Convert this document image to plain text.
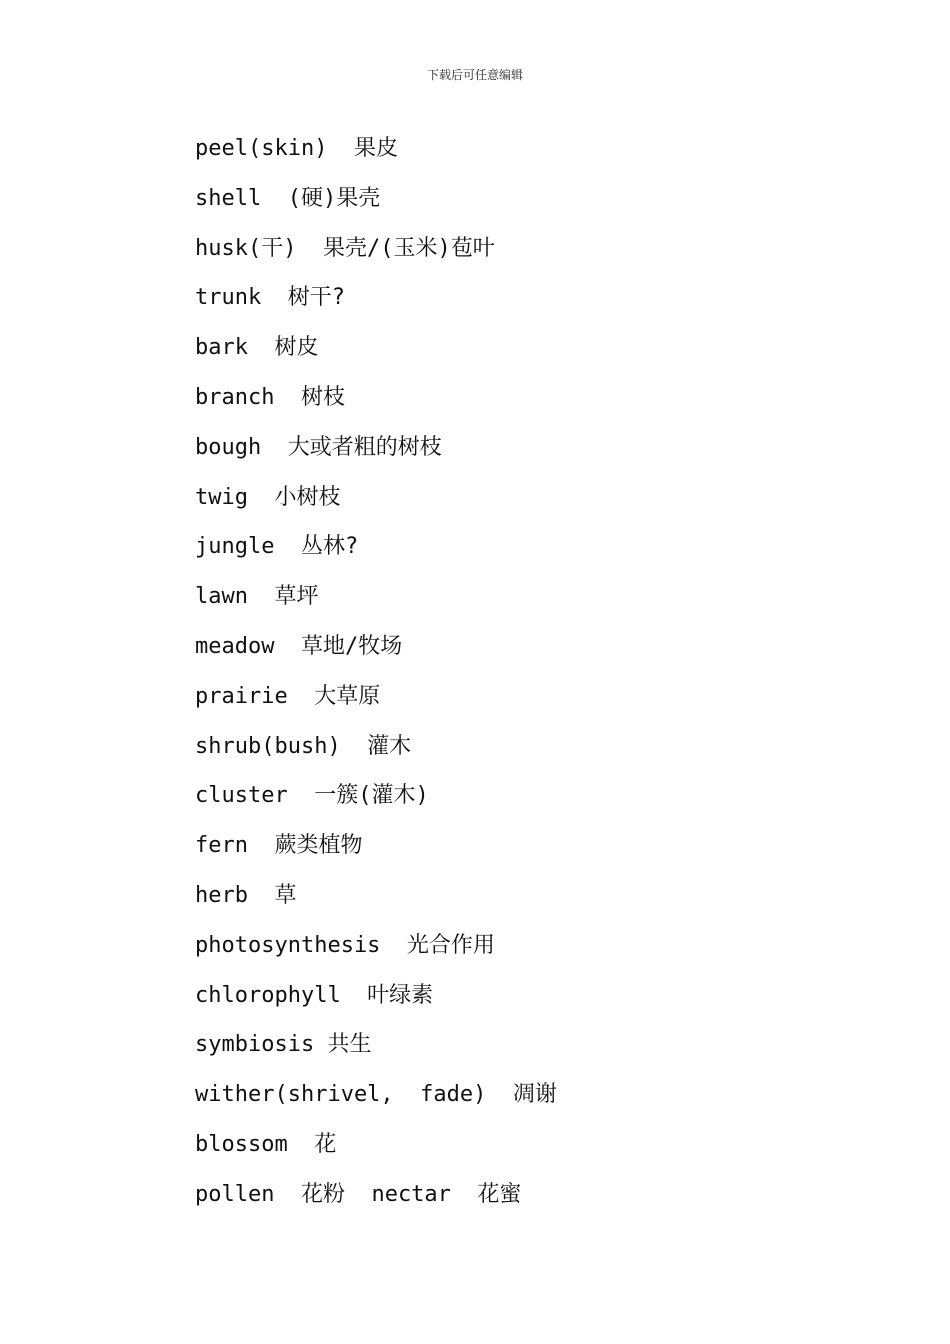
下载后可任意编辑
peel(skin)  果皮
shell  (硬)果壳
husk(干)  果壳/(玉米)苞叶
trunk  树干?
bark  树皮
branch  树枝
bough  大或者粗的树枝
twig  小树枝
jungle  丛林?
lawn  草坪
meadow  草地/牧场
prairie  大草原
shrub(bush)  灌木
cluster  一簇(灌木)
fern  蕨类植物
herb  草
photosynthesis  光合作用
chlorophyll  叶绿素
symbiosis 共生
wither(shrivel,  fade)  凋谢
blossom  花
pollen  花粉  nectar  花蜜
